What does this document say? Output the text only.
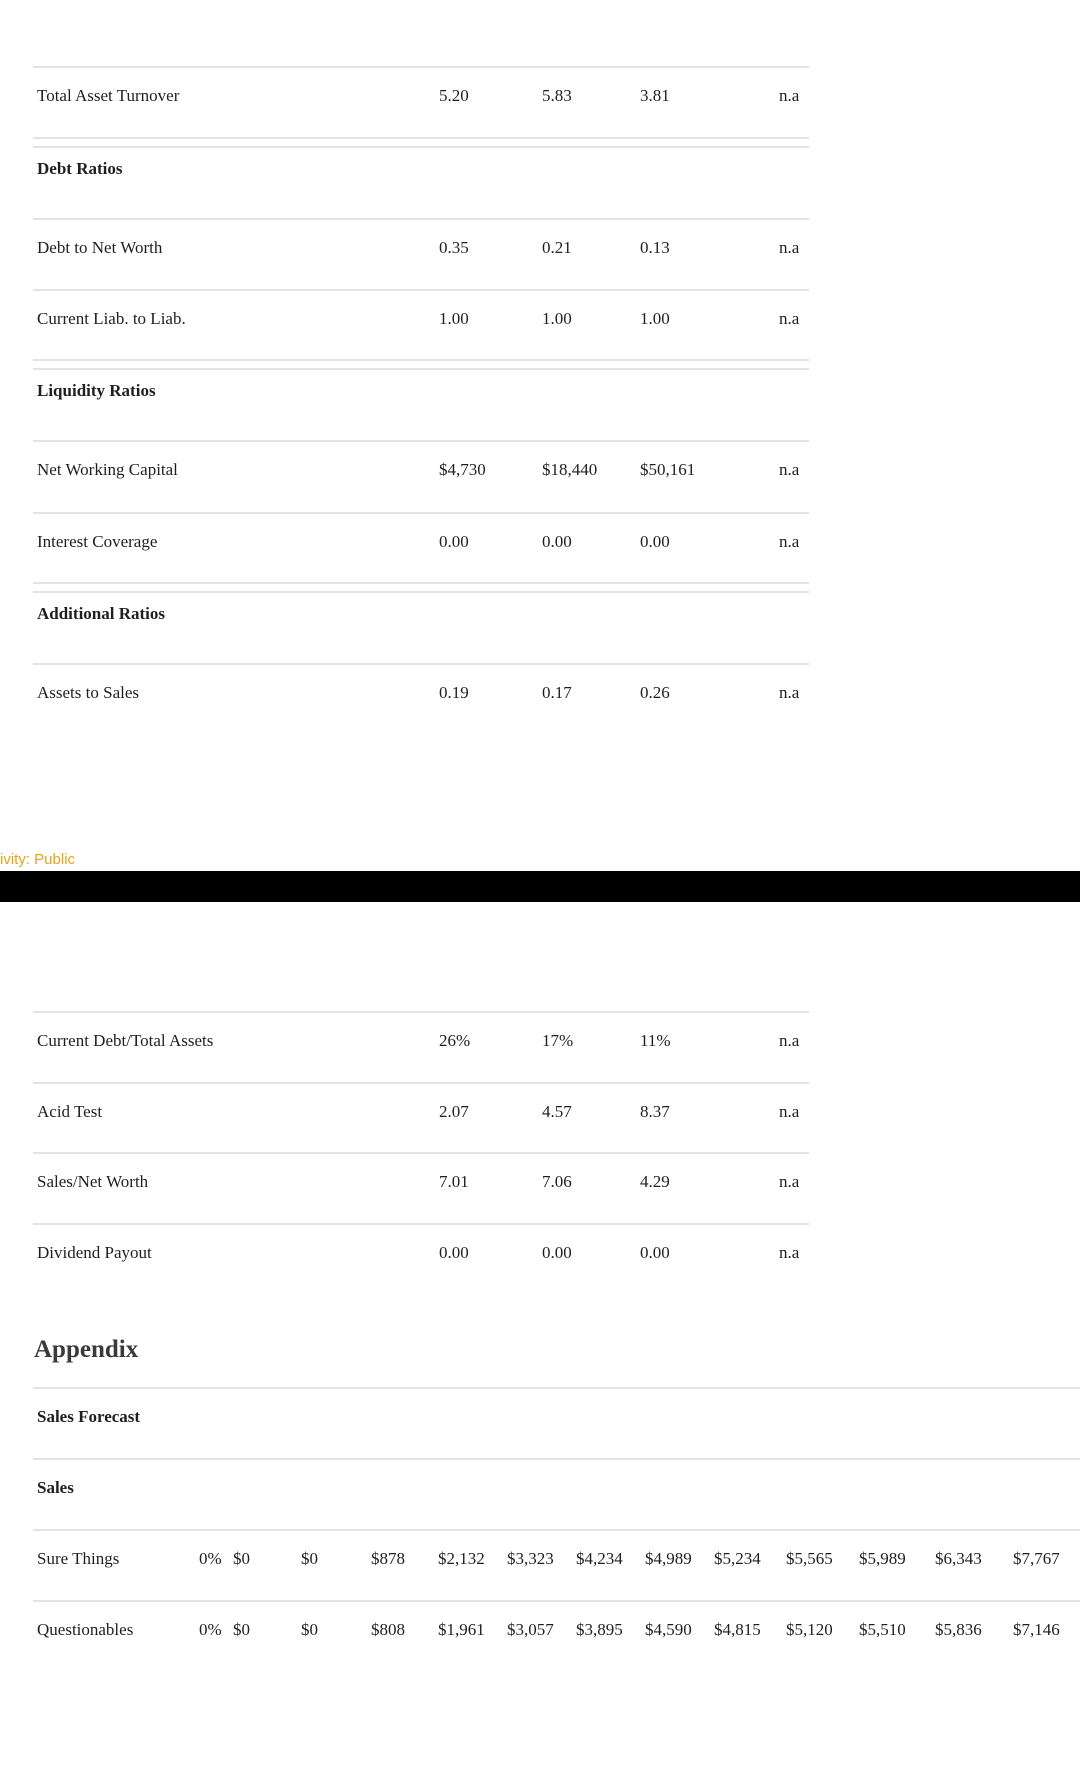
Total Asset Turnover	5.20	5.83	3.81	n.a
Debt Ratios
Debt to Net Worth	0.35	0.21	0.13	n.a
Current Liab. to Liab.	1.00	1.00	1.00	n.a
Liquidity Ratios
Net Working Capital	$4,730	$18,440	$50,161	n.a
Interest Coverage	0.00	0.00	0.00	n.a
Additional Ratios
Assets to Sales	0.19	0.17	0.26	n.a
ivity: Public
Current Debt/Total Assets	26%	17%	11%	n.a
Acid Test	2.07	4.57	8.37	n.a
Sales/Net Worth	7.01	7.06	4.29	n.a
Dividend Payout	0.00	0.00	0.00	n.a
Appendix
Sales Forecast
Sales
Sure Things	0% $0	$0	$878 $2,132 $3,323 $4,234 $4,989 $5,234 $5,565 $5,989 $6,343 $7,767
Questionables	0% $0	$0	$808 $1,961 $3,057 $3,895 $4,590 $4,815 $5,120 $5,510 $5,836 $7,146
